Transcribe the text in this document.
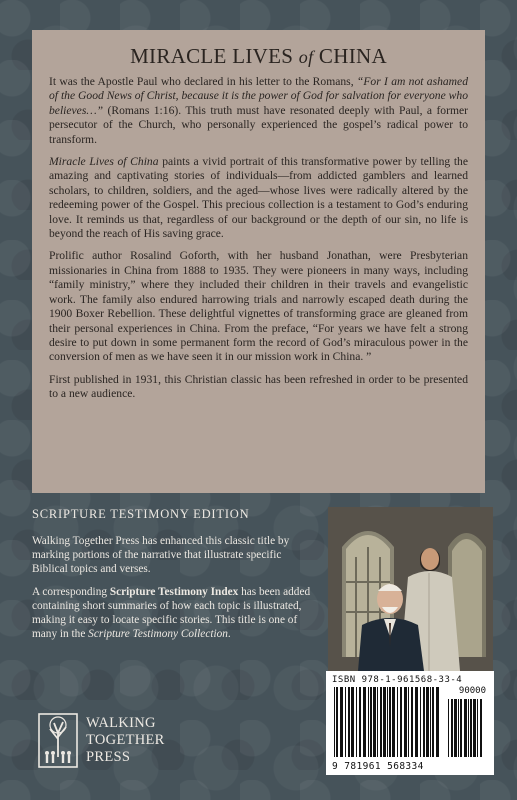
MIRACLE LIVES of CHINA

It was the Apostle Paul who declared in his letter to the Romans, “For I am not ashamed of the Good News of Christ, because it is the power of God for salvation for everyone who believes…” (Romans 1:16). This truth must have resonated deeply with Paul, a former persecutor of the Church, who personally experienced the gospel’s radical power to transform.

Miracle Lives of China paints a vivid portrait of this transformative power by telling the amazing and captivating stories of individuals—from addicted gamblers and learned scholars, to children, soldiers, and the aged—whose lives were radically altered by the redeeming power of the Gospel. This precious collection is a testament to God’s enduring love. It reminds us that, regardless of our background or the depth of our sin, no life is beyond the reach of His saving grace.

Prolific author Rosalind Goforth, with her husband Jonathan, were Presbyterian missionaries in China from 1888 to 1935. They were pioneers in many ways, including “family ministry,” where they included their children in their travels and evangelistic work. The family also endured harrowing trials and narrowly escaped death during the 1900 Boxer Rebellion. These delightful vignettes of transforming grace are gleaned from their personal experiences in China. From the preface, “For years we have felt a strong desire to put down in some permanent form the record of God’s miraculous power in the conversion of men as we have seen it in our mission work in China. ”

First published in 1931, this Christian classic has been refreshed in order to be presented to a new audience.

SCRIPTURE TESTIMONY EDITION

Walking Together Press has enhanced this classic title by marking portions of the narrative that illustrate specific Biblical topics and verses.

A corresponding Scripture Testimony Index has been added containing short summaries of how each topic is illustrated, making it easy to locate specific stories. This title is one of many in the Scripture Testimony Collection.

WALKING
TOGETHER
PRESS
ISBN 978-1-961568-33-4
90000
9 781961 568334
